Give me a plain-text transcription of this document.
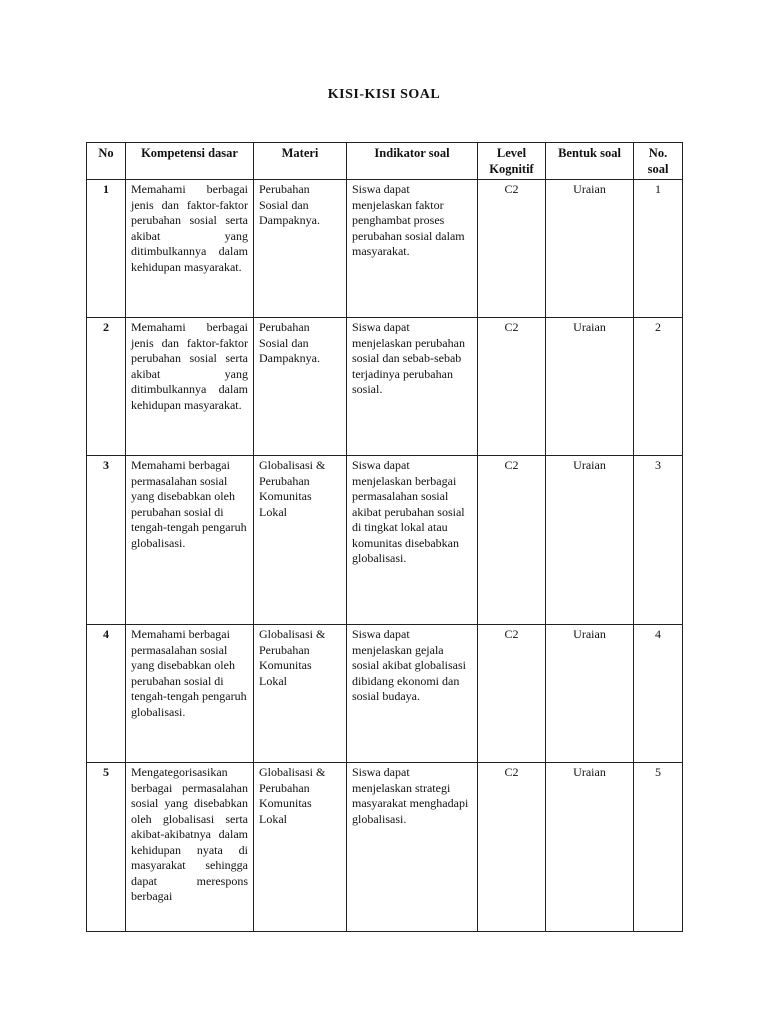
KISI-KISI SOAL
No	Kompetensi dasar	Materi	Indikator soal	Level Kognitif	Bentuk soal	No. soal
1	Memahami berbagai jenis dan faktor-faktor perubahan sosial serta akibat yang ditimbulkannya dalam kehidupan masyarakat.	Perubahan Sosial dan Dampaknya.	Siswa dapat menjelaskan faktor penghambat proses perubahan sosial dalam masyarakat.	C2	Uraian	1
2	Memahami berbagai jenis dan faktor-faktor perubahan sosial serta akibat yang ditimbulkannya dalam kehidupan masyarakat.	Perubahan Sosial dan Dampaknya.	Siswa dapat menjelaskan perubahan sosial dan sebab-sebab terjadinya perubahan sosial.	C2	Uraian	2
3	Memahami berbagai permasalahan sosial yang disebabkan oleh perubahan sosial di tengah-tengah pengaruh globalisasi.	Globalisasi & Perubahan Komunitas Lokal	Siswa dapat menjelaskan berbagai permasalahan sosial akibat perubahan sosial di tingkat lokal atau komunitas disebabkan globalisasi.	C2	Uraian	3
4	Memahami berbagai permasalahan sosial yang disebabkan oleh perubahan sosial di tengah-tengah pengaruh globalisasi.	Globalisasi & Perubahan Komunitas Lokal	Siswa dapat menjelaskan gejala sosial akibat globalisasi dibidang ekonomi dan sosial budaya.	C2	Uraian	4
5	Mengategorisasikan berbagai permasalahan sosial yang disebabkan oleh globalisasi serta akibat-akibatnya dalam kehidupan nyata di masyarakat sehingga dapat merespons berbagai	Globalisasi & Perubahan Komunitas Lokal	Siswa dapat menjelaskan strategi masyarakat menghadapi globalisasi.	C2	Uraian	5
